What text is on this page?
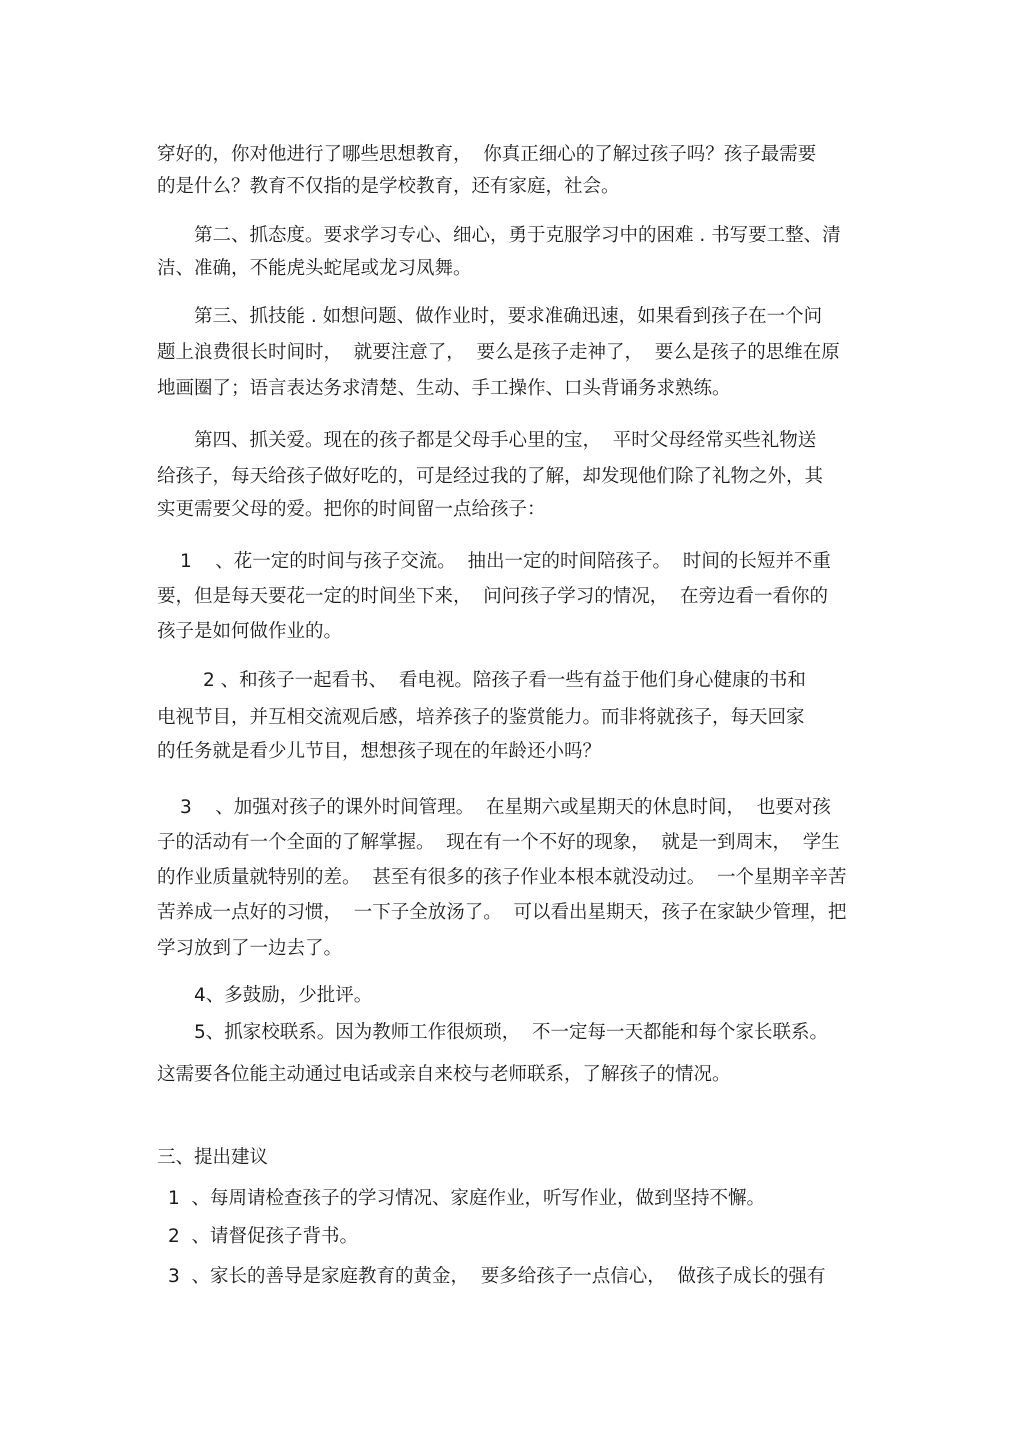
穿好的，你对他进行了哪些思想教育，  你真正细心的了解过孩子吗？孩子最需要

的是什么？教育不仅指的是学校教育，还有家庭，社会。

第二、抓态度。要求学习专心、细心，勇于克服学习中的困难 . 书写要工整、清

洁、准确，不能虎头蛇尾或龙习凤舞。

第三、抓技能 . 如想问题、做作业时，要求准确迅速，如果看到孩子在一个问

题上浪费很长时间时，  就要注意了，  要么是孩子走神了，  要么是孩子的思维在原

地画圈了；语言表达务求清楚、生动、手工操作、口头背诵务求熟练。

第四、抓关爱。现在的孩子都是父母手心里的宝，  平时父母经常买些礼物送

给孩子，每天给孩子做好吃的，可是经过我的了解，却发现他们除了礼物之外，其

实更需要父母的爱。把你的时间留一点给孩子：

1    、花一定的时间与孩子交流。  抽出一定的时间陪孩子。  时间的长短并不重

要，但是每天要花一定的时间坐下来，  问问孩子学习的情况，  在旁边看一看你的

孩子是如何做作业的。

2 、和孩子一起看书、  看电视。陪孩子看一些有益于他们身心健康的书和

电视节目，并互相交流观后感，培养孩子的鉴赏能力。而非将就孩子，每天回家

的任务就是看少儿节目，想想孩子现在的年龄还小吗？

3    、加强对孩子的课外时间管理。  在星期六或星期天的休息时间，  也要对孩

子的活动有一个全面的了解掌握。  现在有一个不好的现象，  就是一到周末，  学生

的作业质量就特别的差。  甚至有很多的孩子作业本根本就没动过。  一个星期辛辛苦

苦养成一点好的习惯，  一下子全放汤了。  可以看出星期天，孩子在家缺少管理，把

学习放到了一边去了。

4、多鼓励，少批评。

5、抓家校联系。因为教师工作很烦琐，  不一定每一天都能和每个家长联系。

这需要各位能主动通过电话或亲自来校与老师联系，了解孩子的情况。

三、提出建议

1  、每周请检查孩子的学习情况、家庭作业，听写作业，做到坚持不懈。

2  、请督促孩子背书。

3  、家长的善导是家庭教育的黄金，  要多给孩子一点信心，  做孩子成长的强有
